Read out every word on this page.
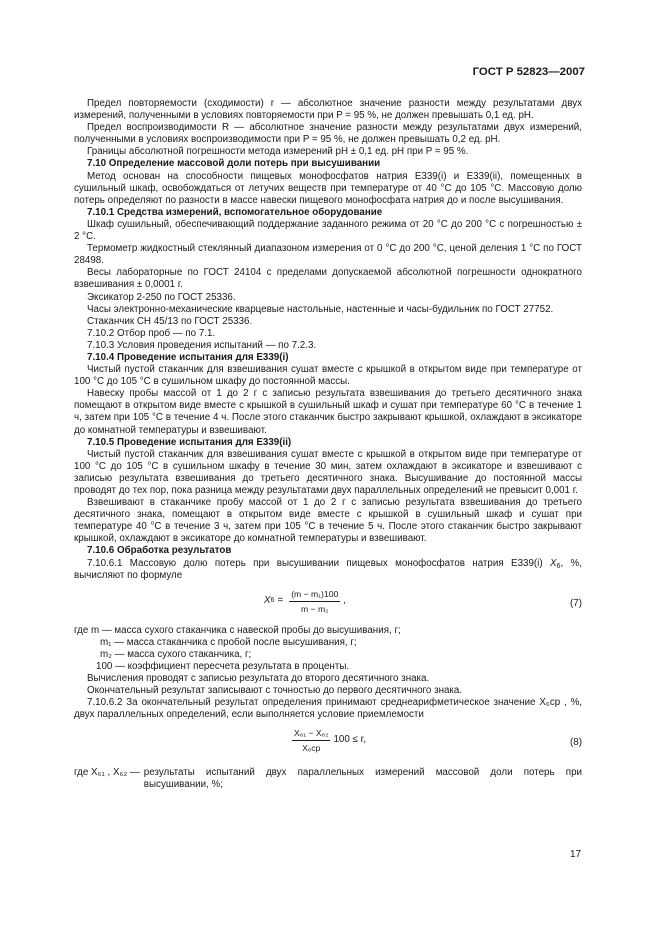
ГОСТ Р 52823—2007

Предел повторяемости (сходимости) r — абсолютное значение разности между результатами двух измерений, полученными в условиях повторяемости при P = 95 %, не должен превышать 0,1 ед. рН.

Предел воспроизводимости R — абсолютное значение разности между результатами двух измерений, полученными в условиях воспроизводимости при P = 95 %, не должен превышать 0,2 ед. рН.

Границы абсолютной погрешности метода измерений рН ± 0,1 ед. рН при P = 95 %.

7.10 Определение массовой доли потерь при высушивании

Метод основан на способности пищевых монофосфатов натрия Е339(i) и Е339(ii), помещенных в сушильный шкаф, освобождаться от летучих веществ при температуре от 40 °С до 105 °С. Массовую долю потерь определяют по разности в массе навески пищевого монофосфата натрия до и после высушивания.

7.10.1 Средства измерений, вспомогательное оборудование

Шкаф сушильный, обеспечивающий поддержание заданного режима от 20 °С до 200 °С с погрешностью ± 2 °С.

Термометр жидкостный стеклянный диапазоном измерения от 0 °С до 200 °С, ценой деления 1 °С по ГОСТ 28498.

Весы лабораторные по ГОСТ 24104 с пределами допускаемой абсолютной погрешности однократного взвешивания ± 0,0001 г.

Эксикатор 2-250 по ГОСТ 25336.

Часы электронно-механические кварцевые настольные, настенные и часы-будильник по ГОСТ 27752.

Стаканчик СН 45/13 по ГОСТ 25336.

7.10.2 Отбор проб — по 7.1.

7.10.3 Условия проведения испытаний — по 7.2.3.

7.10.4 Проведение испытания для Е339(i)

Чистый пустой стаканчик для взвешивания сушат вместе с крышкой в открытом виде при температуре от 100 °С до 105 °С в сушильном шкафу до постоянной массы.

Навеску пробы массой от 1 до 2 г с записью результата взвешивания до третьего десятичного знака помещают в открытом виде вместе с крышкой в сушильный шкаф и сушат при температуре 60 °С в течение 1 ч, затем при 105 °С в течение 4 ч. После этого стаканчик быстро закрывают крышкой, охлаждают в эксикаторе до комнатной температуры и взвешивают.

7.10.5 Проведение испытания для Е339(ii)

Чистый пустой стаканчик для взвешивания сушат вместе с крышкой в открытом виде при температуре от 100 °С до 105 °С в сушильном шкафу в течение 30 мин, затем охлаждают в эксикаторе и взвешивают с записью результата взвешивания до третьего десятичного знака. Высушивание до постоянной массы проводят до тех пор, пока разница между результатами двух параллельных определений не превысит 0,001 г.

Взвешивают в стаканчике пробу массой от 1 до 2 г с записью результата взвешивания до третьего десятичного знака, помещают в открытом виде вместе с крышкой в сушильный шкаф и сушат при температуре 40 °С в течение 3 ч, затем при 105 °С в течение 5 ч. После этого стаканчик быстро закрывают крышкой, охлаждают в эксикаторе до комнатной температуры и взвешивают.

7.10.6 Обработка результатов

7.10.6.1 Массовую долю потерь при высушивании пищевых монофосфатов натрия Е339(i) $X_6$, %, вычисляют по формуле

X $6 = \frac{\text{(m − m₁)100}}{\text{m − m₂}}$ ,	(7)

где m — масса сухого стаканчика с навеской пробы до высушивания, г;

m₁ — масса стаканчика с пробой после высушивания, г;

m₂ — масса сухого стаканчика, г;

100 — коэффициент пересчета результата в проценты.

Вычисления проводят с записью результата до второго десятичного знака.

Окончательный результат записывают с точностью до первого десятичного знака.

7.10.6.2 За окончательный результат определения принимают среднеарифметическое значение X₆ср , %, двух параллельных определений, если выполняется условие приемлемости

$\frac{\text{X₆₁ − X₆₂}}{\text{X₆ср}} 100 \le r$,	(8)
где X₆₁ , X₆₂ — результаты испытаний двух параллельных измерений массовой доли потерь при высушивании, %;
17
